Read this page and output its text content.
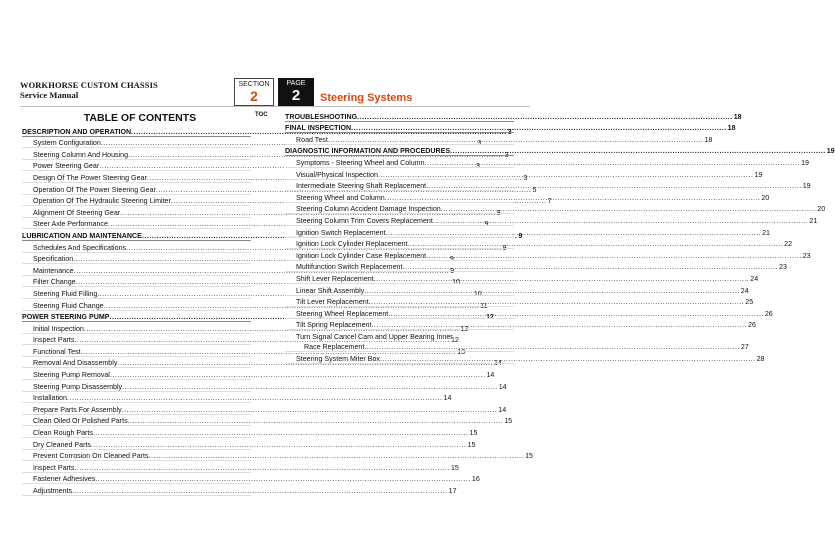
WORKHORSE CUSTOM CHASSIS
Service Manual
SECTION
2
PAGE
2	Steering Systems
TABLE OF CONTENTS	TOC
DESCRIPTION AND OPERATION .....	3
System Configuration .....	3
Steering Column And Housing .....	3
Power Steering Gear .....	3
Design Of The Power Steering Gear .....	3
Operation Of The Power Steering Gear .....	5
Operation Of The Hydraulic Steering Limiter .....	7
Alignment Of Steering Gear .....	8
Steer Axle Performance .....	9
LUBRICATION AND MAINTENANCE .....	9
Schedules And Specifications .....	9
Specification .....	9
Maintenance .....	9
Filter Change .....	10
Steering Fluid Filling .....	10
Steering Fluid Change .....	11
POWER STEERING PUMP .....	12
Initial Inspection .....	12
Inspect Parts .....	12
Functional Test .....	13
Removal And Disassembly .....	14
Steering Pump Removal .....	14
Steering Pump Disassembly .....	14
Installation .....	14
Prepare Parts For Assembly .....	14
Clean Oiled Or Polished Parts .....	15
Clean Rough Parts .....	15
Dry Cleaned Parts .....	15
Prevent Corrosion On Cleaned Parts .....	15
Inspect Parts .....	15
Fastener Adhesives .....	16
Adjustments .....	17
TROUBLESHOOTING .....	18
FINAL INSPECTION .....	18
Road Test .....	18
DIAGNOSTIC INFORMATION AND PROCEDURES .....	19
Symptoms - Steering Wheel and Column .....	19
Visual/Physical Inspection .....	19
Intermediate Steering Shaft Replacement .....	19
Steering Wheel and Column .....	20
Steering Column Accident Damage Inspection .....	20
Steering Column Trim Covers Replacement .....	21
Ignition Switch Replacement .....	21
Ignition Lock Cylinder Replacement .....	22
Ignition Lock Cylinder Case Replacement .....	23
Multifunction Switch Replacement .....	23
Shift Lever Replacement .....	24
Linear Shift Assembly .....	24
Tilt Lever Replacement .....	25
Steering Wheel Replacement .....	26
Tilt Spring Replacement .....	26
Turn Signal Cancel Cam and Upper Bearing Inner
Race Replacement .....	27
Steering System Miter Box .....	28
